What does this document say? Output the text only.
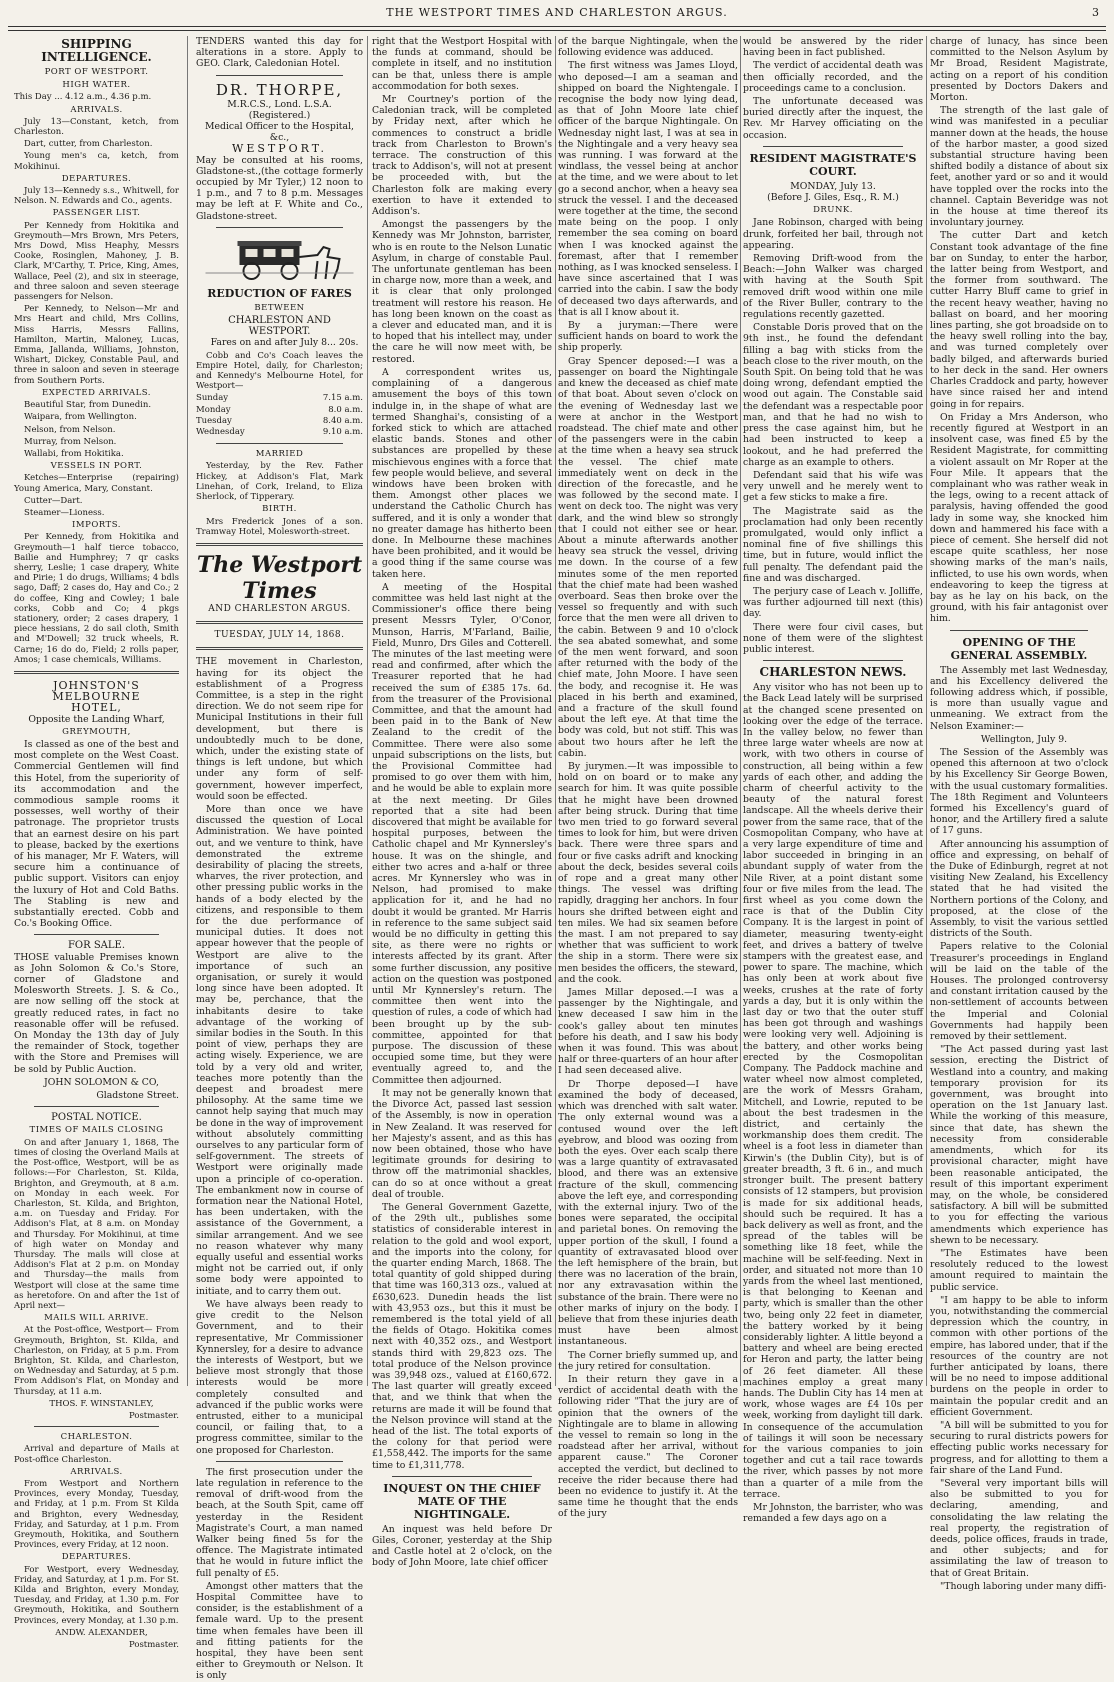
THE WESTPORT TIMES AND CHARLESTON ARGUS.	3
SHIPPING INTELLIGENCE.
PORT OF WESTPORT.
HIGH WATER.

This Day ... 4.12 a.m., 4.36 p.m.

ARRIVALS.

July 13—Constant, ketch, from Charleston.

Dart, cutter, from Charleston.

Young men's ca, ketch, from Mokihinui.

DEPARTURES.

July 13—Kennedy s.s., Whitwell, for Nelson. N. Edwards and Co., agents.

PASSENGER LIST.

Per Kennedy from Hokitika and Greymouth—Mrs Brown, Mrs Peters, Mrs Dowd, Miss Heaphy, Messrs Cooke, Rosinglen, Mahoney, J. B. Clark, M'Carthy, T. Price, King, Ames, Wallace, Peel (2), and six in steerage, and three saloon and seven steerage passengers for Nelson.

Per Kennedy, to Nelson—Mr and Mrs Heart and child, Mrs Collins, Miss Harris, Messrs Fallins, Hamilton, Martin, Maloney, Lucas, Emma, Jallanda, Williams, Johnston, Wishart, Dickey, Constable Paul, and three in saloon and seven in steerage from Southern Ports.

EXPECTED ARRIVALS.

Beautiful Star, from Dunedin.

Waipara, from Wellington.

Nelson, from Nelson.

Murray, from Nelson.

Wallabi, from Hokitika.

VESSELS IN PORT.

Ketches—Enterprise (repairing) Young America, Mary, Constant.

Cutter—Dart.

Steamer—Lioness.

IMPORTS.

Per Kennedy, from Hokitika and Greymouth—1 half tierce tobacco, Bailie and Humphrey; 7 qr casks sherry, Leslie; 1 case drapery, White and Pirie; 1 do drugs, Williams; 4 bdls sago, Daff; 2 cases do, Hay and Co.; 2 do coffee, King and Cowley; 1 bale corks, Cobb and Co; 4 pkgs stationery, order; 2 cases drapery, 1 piece hessians, 2 do sail cloth, Smith and M'Dowell; 32 truck wheels, R. Carne; 16 do do, Field; 2 rolls paper, Amos; 1 case chemicals, Williams.

JOHNSTON'S MELBOURNE
HOTEL,
Opposite the Landing Wharf,
GREYMOUTH,

Is classed as one of the best and most complete on the West Coast. Commercial Gentlemen will find this Hotel, from the superiority of its accommodation and the commodious sample rooms it possesses, well worthy of their patronage. The proprietor trusts that an earnest desire on his part to please, backed by the exertions of his manager, Mr F. Waters, will secure him a continuance of public support. Visitors can enjoy the luxury of Hot and Cold Baths. The Stabling is new and substantially erected. Cobb and Co.'s Booking Office.

FOR SALE.

THOSE valuable Premises known as John Solomon & Co.'s Store, corner of Gladstone and Molesworth Streets. J. S. & Co., are now selling off the stock at greatly reduced rates, in fact no reasonable offer will be refused. On Monday the 13th day of July the remainder of Stock, together with the Store and Premises will be sold by Public Auction.

JOHN SOLOMON & CO,

Gladstone Street.

POSTAL NOTICE.
TIMES OF MAILS CLOSING

On and after January 1, 1868, The times of closing the Overland Mails at the Post-office, Westport, will be as follows:—For Charleston, St. Kilda, Brighton, and Greymouth, at 8 a.m. on Monday in each week. For Charleston, St. Kilda, and Brighton, a.m. on Tuesday and Friday. For Addison's Flat, at 8 a.m. on Monday and Thursday. For Mokihinui, at time of high water on Monday and Thursday. The mails will close at Addison's Flat at 2 p.m. on Monday and Thursday—the mails from Westport will close at the same time as heretofore. On and after the 1st of April next—

MAILS WILL ARRIVE.

At the Post-office, Westport— From Greymouth, Brighton, St. Kilda, and Charleston, on Friday, at 5 p.m. From Brighton, St. Kilda, and Charleston, on Wednesday and Saturday, at 5 p.m. From Addison's Flat, on Monday and Thursday, at 11 a.m.

THOS. F. WINSTANLEY,

Postmaster.

CHARLESTON.

Arrival and departure of Mails at Post-office Charleston.

ARRIVALS.

From Westport and Northern Provinces, every Monday, Tuesday, and Friday, at 1 p.m. From St Kilda and Brighton, every Wednesday, Friday, and Saturday, at 1 p.m. From Greymouth, Hokitika, and Southern Provinces, every Friday, at 12 noon.

DEPARTURES.

For Westport, every Wednesday, Friday, and Saturday, at 1 p.m. For St. Kilda and Brighton, every Monday, Tuesday, and Friday, at 1.30 p.m. For Greymouth, Hokitika, and Southern Provinces, every Monday, at 1.30 p.m.

ANDW. ALEXANDER,

Postmaster.

TENDERS wanted this day for alterations in a store. Apply to GEO. Clark, Caledonian Hotel.

DR. THORPE,
M.R.C.S., Lond. L.S.A. (Registered.)
Medical Officer to the Hospital, &c.,
WESTPORT.

May be consulted at his rooms, Gladstone-st.,(the cottage formerly occupied by Mr Tyler,) 12 noon to 1 p.m., and 7 to 8 p.m. Messages may be left at F. White and Co., Gladstone-street.

REDUCTION OF FARES
BETWEEN
CHARLESTON AND WESTPORT.

Fares on and after July 8... 20s.

Cobb and Co's Coach leaves the Empire Hotel, daily, for Charleston; and Kennedy's Melbourne Hotel, for Westport—

Sunday	7.15 a.m.
Monday	8.0 a.m.
Tuesday	8.40 a.m.
Wednesday	9.10 a.m.
MARRIED

Yesterday, by the Rev. Father Hickey, at Addison's Flat, Mark Linehan, of Cork, Ireland, to Eliza Sherlock, of Tipperary.

BIRTH.

Mrs Frederick Jones of a son. Tramway Hotel, Molesworth-street.

The Westport Times
AND CHARLESTON ARGUS.
TUESDAY, JULY 14, 1868.

THE movement in Charleston, having for its object the establishment of a Progress Committee, is a step in the right direction. We do not seem ripe for Municipal Institutions in their full development, but there is undoubtedly much to be done, which, under the existing state of things is left undone, but which under any form of self-government, however imperfect, would soon be effected.

More than once we have discussed the question of Local Administration. We have pointed out, and we venture to think, have demonstrated the extreme desirability of placing the streets, wharves, the river protection, and other pressing public works in the hands of a body elected by the citizens, and responsible to them for the due performance of municipal duties. It does not appear however that the people of Westport are alive to the importance of such an organisation, or surely it would long since have been adopted. It may be, perchance, that the inhabitants desire to take advantage of the working of similar bodies in the South. In this point of view, perhaps they are acting wisely. Experience, we are told by a very old and writer, teaches more potently than the deepest and broadest mere philosophy. At the same time we cannot help saying that much may be done in the way of improvement without absolutely committing ourselves to any particular form of self-government. The streets of Westport were originally made upon a principle of co-operation. The embankment now in course of formation near the National Hotel, has been undertaken, with the assistance of the Government, a similar arrangement. And we see no reason whatever why many equally useful and essential works might not be carried out, if only some body were appointed to initiate, and to carry them out.

We have always been ready to give credit to the Nelson Government, and to their representative, Mr Commissioner Kynnersley, for a desire to advance the interests of Westport, but we believe most strongly that those interests would be more completely consulted and advanced if the public works were entrusted, either to a municipal council, or failing that, to a progress committee, similar to the one proposed for Charleston.

The first prosecution under the late regulation in reference to the removal of drift-wood from the beach, at the South Spit, came off yesterday in the Resident Magistrate's Court, a man named Walker being fined 5s for the offence. The Magistrate intimated that he would in future inflict the full penalty of £5.

Amongst other matters that the Hospital Committee have to consider, is the establishment of a female ward. Up to the present time when females have been ill and fitting patients for the hospital, they have been sent either to Greymouth or Nelson. It is only

right that the Westport Hospital with the funds at command, should be complete in itself, and no institution can be that, unless there is ample accommodation for both sexes.

Mr Courtney's portion of the Caledonian track, will be completed by Friday next, after which he commences to construct a bridle track from Charleston to Brown's terrace. The construction of this track to Addison's, will not at present be proceeded with, but the Charleston folk are making every exertion to have it extended to Addison's.

Amongst the passengers by the Kennedy was Mr Johnston, barrister, who is en route to the Nelson Lunatic Asylum, in charge of constable Paul. The unfortunate gentleman has been in charge now, more than a week, and it is clear that only prolonged treatment will restore his reason. He has long been known on the coast as a clever and educated man, and it is to hoped that his intellect may, under the care he will now meet with, be restored.

A correspondent writes us, complaining of a dangerous amusement the boys of this town indulge in, in the shape of what are termed Shanghai's, consisting of a forked stick to which are attached elastic bands. Stones and other substances are propelled by these mischievous engines with a force that few people would believe, and several windows have been broken with them. Amongst other places we understand the Catholic Church has suffered, and it is only a wonder that no greater damage has hitherto been done. In Melbourne these machines have been prohibited, and it would be a good thing if the same course was taken here.

A meeting of the Hospital committee was held last night at the Commissioner's office there being present Messrs Tyler, O'Conor, Munson, Harris, M'Farland, Bailie, Field, Munro, Drs Giles and Cotterell. The minutes of the last meeting were read and confirmed, after which the Treasurer reported that he had received the sum of £385 17s. 6d. from the treasurer of the Provisional Committee, and that the amount had been paid in to the Bank of New Zealand to the credit of the Committee. There were also some unpaid subscriptions on the lists, but the Provisional Committee had promised to go over them with him, and he would be able to explain more at the next meeting. Dr Giles reported that a site had been discovered that might be available for hospital purposes, between the Catholic chapel and Mr Kynnersley's house. It was on the shingle, and either two acres and a-half or three acres. Mr Kynnersley who was in Nelson, had promised to make application for it, and he had no doubt it would be granted. Mr Harris in reference to the same subject said would be no difficulty in getting this site, as there were no rights or interests affected by its grant. After some further discussion, any positive action on the question was postponed until Mr Kynnersley's return. The committee then went into the question of rules, a code of which had been brought up by the sub-committee, appointed for that purpose. The discussion of these occupied some time, but they were eventually agreed to, and the Committee then adjourned.

It may not be generally known that the Divorce Act, passed last session of the Assembly, is now in operation in New Zealand. It was reserved for her Majesty's assent, and as this has now been obtained, those who have legitimate grounds for desiring to throw off the matrimonial shackles, can do so at once without a great deal of trouble.

The General Government Gazette, of the 29th ult., publishes some statistics of considerable interest in relation to the gold and wool export, and the imports into the colony, for the quarter ending March, 1868. The total quantity of gold shipped during that time was 160,313 ozs., valued at £630,623. Dunedin heads the list with 43,953 ozs., but this it must be remembered is the total yield of all the fields of Otago. Hokitika comes next with 40,352 ozs., and Westport stands third with 29,823 ozs. The total produce of the Nelson province was 39,948 ozs., valued at £160,672. The last quarter will greatly exceed that, and we think that when the returns are made it will be found that the Nelson province will stand at the head of the list. The total exports of the colony for that period were £1,558,442. The imports for the same time to £1,311,778.

INQUEST ON THE CHIEF MATE OF THE NIGHTINGALE.

An inquest was held before Dr Giles, Coroner, yesterday at the Ship and Castle hotel at 2 o'clock, on the body of John Moore, late chief officer

of the barque Nightingale, when the following evidence was adduced.

The first witness was James Lloyd, who deposed—I am a seaman and shipped on board the Nightengale. I recognise the body now lying dead, as that of John Moore late chief officer of the barque Nightingale. On Wednesday night last, I was at sea in the Nightingale and a very heavy sea was running. I was forward at the windlass, the vessel being at anchor at the time, and we were about to let go a second anchor, when a heavy sea struck the vessel. I and the deceased were together at the time, the second mate being on the poop. I only remember the sea coming on board when I was knocked against the foremast, after that I remember nothing, as I was knocked senseless. I have since ascertained that I was carried into the cabin. I saw the body of deceased two days afterwards, and that is all I know about it.

By a juryman:—There were sufficient hands on board to work the ship properly.

Gray Spencer deposed:—I was a passenger on board the Nightingale and knew the deceased as chief mate of that boat. About seven o'clock on the evening of Wednesday last we were at anchor in the Westport roadstead. The chief mate and other of the passengers were in the cabin at the time when a heavy sea struck the vessel. The chief mate immediately went on deck in the direction of the forecastle, and he was followed by the second mate. I went on deck too. The night was very dark, and the wind blew so strongly that I could not either see or hear. About a minute afterwards another heavy sea struck the vessel, driving me down. In the course of a few minutes some of the men reported that the chief mate had been washed overboard. Seas then broke over the vessel so frequently and with such force that the men were all driven to the cabin. Between 9 and 10 o'clock the sea abated somewhat, and some of the men went forward, and soon after returned with the body of the chief mate, John Moore. I have seen the body, and recognise it. He was placed in his berth and examined, and a fracture of the skull found about the left eye. At that time the body was cold, but not stiff. This was about two hours after he left the cabin.

By jurymen.—It was impossible to hold on on board or to make any search for him. It was quite possible that he might have been drowned after being struck. During that time two men tried to go forward several times to look for him, but were driven back. There were three spars and four or five casks adrift and knocking about the deck, besides several coils of rope and a great many other things. The vessel was drifting rapidly, dragging her anchors. In four hours she drifted between eight and ten miles. We had six seamen before the mast. I am not prepared to say whether that was sufficient to work the ship in a storm. There were six men besides the officers, the steward, and the cook.

James Millar deposed.—I was a passenger by the Nightingale, and knew deceased I saw him in the cook's galley about ten minutes before his death, and I saw his body when it was found. This was about half or three-quarters of an hour after I had seen deceased alive.

Dr Thorpe deposed—I have examined the body of deceased, which was drenched with salt water. The only external wound was a contused wound over the left eyebrow, and blood was oozing from both the eyes. Over each scalp there was a large quantity of extravasated blood, and there was an extensive fracture of the skull, commencing above the left eye, and corresponding with the external injury. Two of the bones were separated, the occipital and parietal bones. On removing the upper portion of the skull, I found a quantity of extravasated blood over the left hemisphere of the brain, but there was no laceration of the brain, nor any extravasation within the substance of the brain. There were no other marks of injury on the body. I believe that from these injuries death must have been almost instantaneous.

The Corner briefly summed up, and the jury retired for consultation.

In their return they gave in a verdict of accidental death with the following rider "That the jury are of opinion that the owners of the Nightingale are to blame in allowing the vessel to remain so long in the roadstead after her arrival, without apparent cause." The Coroner accepted the verdict, but declined to receive the rider because there had been no evidence to justify it. At the same time he thought that the ends of the jury

would be answered by the rider having been in fact published.

The verdict of accidental death was then officially recorded, and the proceedings came to a conclusion.

The unfortunate deceased was buried directly after the inquest, the Rev. Mr Harvey officiating on the occasion.

RESIDENT MAGISTRATE'S COURT.
MONDAY, July 13.
(Before J. Giles, Esq., R. M.)
DRUNK.

Jane Robinson, charged with being drunk, forfeited her bail, through not appearing.

Removing Drift-wood from the Beach:—John Walker was charged with having at the South Spit removed drift wood within one mile of the River Buller, contrary to the regulations recently gazetted.

Constable Doris proved that on the 9th inst., he found the defendant filling a bag with sticks from the beach close to the river mouth, on the South Spit. On being told that he was doing wrong, defendant emptied the wood out again. The Constable said the defendant was a respectable poor man, and that he had no wish to press the case against him, but he had been instructed to keep a lookout, and he had preferred the charge as an example to others.

Defendant said that his wife was very unwell and he merely went to get a few sticks to make a fire.

The Magistrate said as the proclamation had only been recently promulgated, would only inflict a nominal fine of five shillings this time, but in future, would inflict the full penalty. The defendant paid the fine and was discharged.

The perjury case of Leach v. Jolliffe, was further adjourned till next (this) day.

There were four civil cases, but none of them were of the slightest public interest.

CHARLESTON NEWS.

Any visitor who has not been up to the Back Lead lately will be surprised at the changed scene presented on looking over the edge of the terrace. In the valley below, no fewer than three large water wheels are now at work, with two others in course of construction, all being within a few yards of each other, and adding the charm of cheerful activity to the beauty of the natural forest landscape. All the wheels derive their power from the same race, that of the Cosmopolitan Company, who have at a very large expenditure of time and labor succeeded in bringing in an abundant supply of water from the Nile River, at a point distant some four or five miles from the lead. The first wheel as you come down the race is that of the Dublin City Company. It is the largest in point of diameter, measuring twenty-eight feet, and drives a battery of twelve stampers with the greatest ease, and power to spare. The machine, which has only been at work about five weeks, crushes at the rate of forty yards a day, but it is only within the last day or two that the outer stuff has been got through and washings were looking very well. Adjoining is the battery, and other works being erected by the Cosmopolitan Company. The Paddock machine and water wheel now almost completed, are the work of Messrs Graham, Mitchell, and Lowrie, reputed to be about the best tradesmen in the district, and certainly the workmanship does them credit. The wheel is a foot less in diameter than Kirwin's (the Dublin City), but is of greater breadth, 3 ft. 6 in., and much stronger built. The present battery consists of 12 stampers, but provision is made for six additional heads, should such be required. It has a back delivery as well as front, and the spread of the tables will be something like 18 feet, while the machine will be self-feeding. Next in order, and situated not more than 10 yards from the wheel last mentioned, is that belonging to Keenan and party, which is smaller than the other two, being only 22 feet in diameter, the battery worked by it being considerably lighter. A little beyond a battery and wheel are being erected for Heron and party, the latter being of 26 feet diameter. All these machines employ a great many hands. The Dublin City has 14 men at work, whose wages are £4 10s per week, working from daylight till dark. In consequence of the accumulation of tailings it will soon be necessary for the various companies to join together and cut a tail race towards the river, which passes by not more than a quarter of a mile from the terrace.

Mr Johnston, the barrister, who was remanded a few days ago on a

charge of lunacy, has since been committed to the Nelson Asylum by Mr Broad, Resident Magistrate, acting on a report of his condition presented by Doctors Dakers and Morton.

The strength of the last gale of wind was manifested in a peculiar manner down at the heads, the house of the harbor master, a good sized substantial structure having been shifted bodily a distance of about six feet, another yard or so and it would have toppled over the rocks into the channel. Captain Beveridge was not in the house at time thereof its involuntary journey.

The cutter Dart and ketch Constant took advantage of the fine bar on Sunday, to enter the harbor, the latter being from Westport, and the former from southward. The cutter Harry Bluff came to grief in the recent heavy weather, having no ballast on board, and her mooring lines parting, she got broadside on to the heavy swell rolling into the bay, and was turned completely over badly bilged, and afterwards buried to her deck in the sand. Her owners Charles Craddock and party, however have since raised her and intend going in for repairs.

On Friday a Mrs Anderson, who recently figured at Westport in an insolvent case, was fined £5 by the Resident Magistrate, for committing a violent assault on Mr Roper at the Four Mile. It appears that the complainant who was rather weak in the legs, owing to a recent attack of paralysis, having offended the good lady in some way, she knocked him down and hammered his face with a piece of cement. She herself did not escape quite scathless, her nose showing marks of the man's nails, inflicted, to use his own words, when endeavoring to keep the tigress at bay as he lay on his back, on the ground, with his fair antagonist over him.

OPENING OF THE GENERAL ASSEMBLY.

The Assembly met last Wednesday, and his Excellency delivered the following address which, if possible, is more than usually vague and unmeaning. We extract from the Nelson Examiner:—

Wellington, July 9.

The Session of the Assembly was opened this afternoon at two o'clock by his Excellency Sir George Bowen, with the usual customary formalities. The 18th Regiment and Volunteers formed his Excellency's guard of honor, and the Artillery fired a salute of 17 guns.

After announcing his assumption of office and expressing, on behalf of the Duke of Edinburgh, regret at not visiting New Zealand, his Excellency stated that he had visited the Northern portions of the Colony, and proposed, at the close of the Assembly, to visit the various settled districts of the South.

Papers relative to the Colonial Treasurer's proceedings in England will be laid on the table of the Houses. The prolonged controversy and constant irritation caused by the non-settlement of accounts between the Imperial and Colonial Governments had happily been removed by their settlement.

"The Act passed during yast last session, erecting the District of Westland into a country, and making temporary provision for its government, was brought into operation on the 1st January last. While the working of this measure, since that date, has shewn the necessity from considerable amendments, which for its provisional character, might have been reasonable anticipated, the result of this important experiment may, on the whole, be considered satisfactory. A bill will be submitted to you for effecting the various amendments which experience has shewn to be necessary.

"The Estimates have been resolutely reduced to the lowest amount required to maintain the public service.

"I am happy to be able to inform you, notwithstanding the commercial depression which the country, in common with other portions of the empire, has labored under, that if the resources of the country are not further anticipated by loans, there will be no need to impose additional burdens on the people in order to maintain the popular credit and an efficient Government.

"A bill will be submitted to you for securing to rural districts powers for effecting public works necessary for progress, and for allotting to them a fair share of the Land Fund.

"Several very important bills will also be submitted to you for declaring, amending, and consolidating the law relating the real property, the registration of deeds, police offices, frauds in trade, and other subjects; and for assimilating the law of treason to that of Great Britain.

"Though laboring under many diffi-
